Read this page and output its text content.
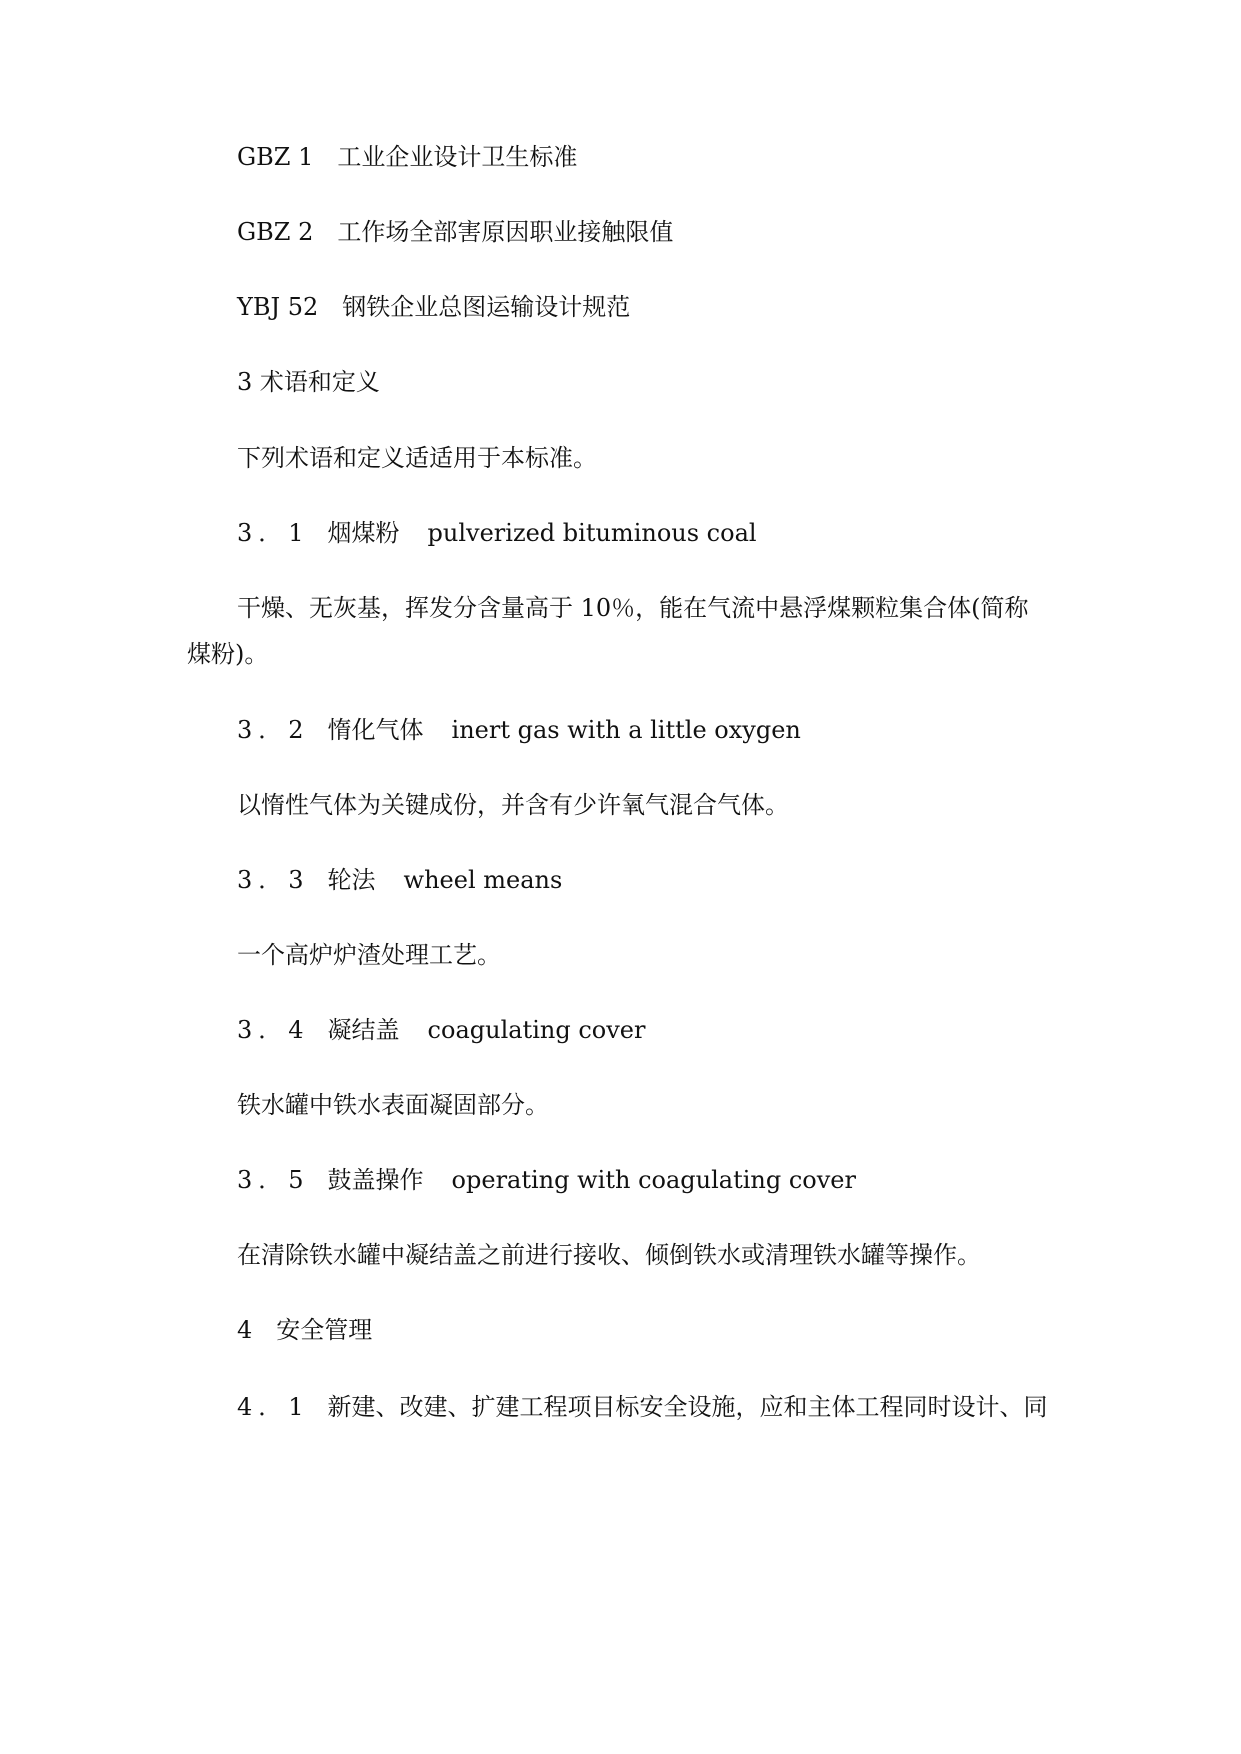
GBZ 1 工业企业设计卫生标准
GBZ 2 工作场全部害原因职业接触限值
YBJ 52 钢铁企业总图运输设计规范
3 术语和定义
下列术语和定义适适用于本标准。
3．1 烟煤粉 pulverized bituminous coal
干燥、无灰基，挥发分含量高于 10％，能在气流中悬浮煤颗粒集合体(简称
煤粉)。
3．2 惰化气体 inert gas with a little oxygen
以惰性气体为关键成份，并含有少许氧气混合气体。
3．3 轮法 wheel means
一个高炉炉渣处理工艺。
3．4 凝结盖 coagulating cover
铁水罐中铁水表面凝固部分。
3．5 鼓盖操作 operating with coagulating cover
在清除铁水罐中凝结盖之前进行接收、倾倒铁水或清理铁水罐等操作。
4 安全管理
4．1 新建、改建、扩建工程项目标安全设施，应和主体工程同时设计、同
